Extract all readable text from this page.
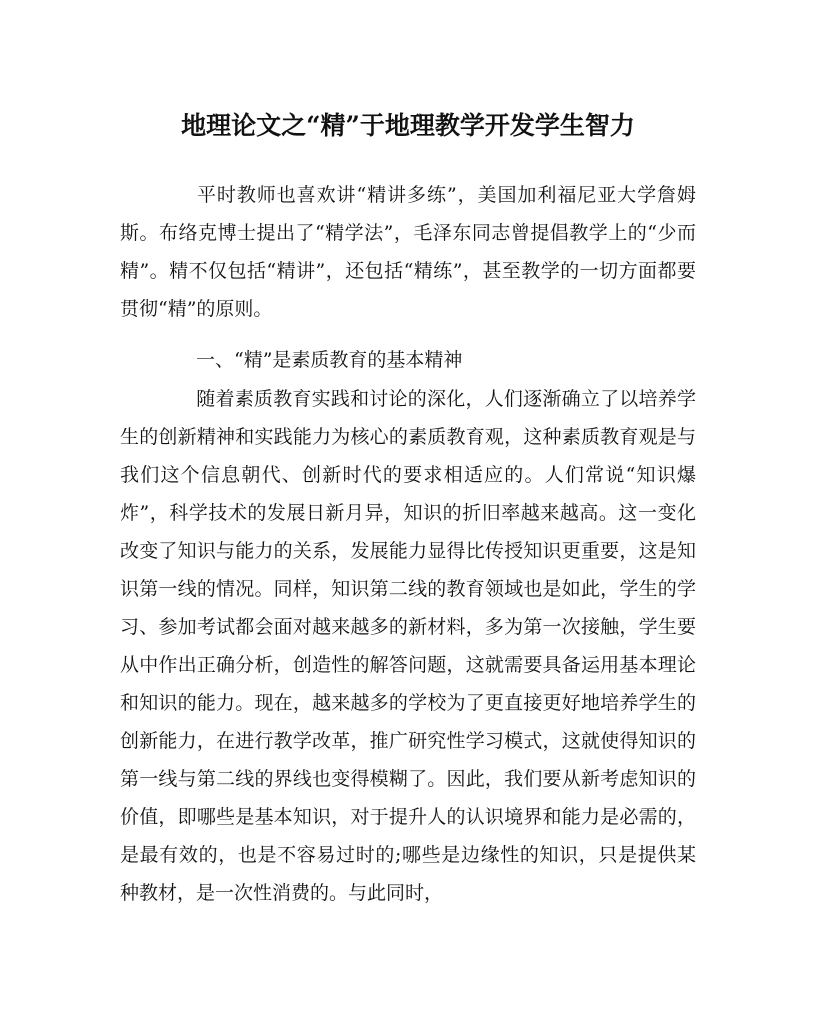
地理论文之“精”于地理教学开发学生智力
平时教师也喜欢讲“精讲多练”，美国加利福尼亚大学詹姆斯。布络克博士提出了“精学法”，毛泽东同志曾提倡教学上的“少而精”。精不仅包括“精讲”，还包括“精练”，甚至教学的一切方面都要贯彻“精”的原则。
一、“精”是素质教育的基本精神
随着素质教育实践和讨论的深化，人们逐渐确立了以培养学生的创新精神和实践能力为核心的素质教育观，这种素质教育观是与我们这个信息朝代、创新时代的要求相适应的。人们常说“知识爆炸”，科学技术的发展日新月异，知识的折旧率越来越高。这一变化改变了知识与能力的关系，发展能力显得比传授知识更重要，这是知识第一线的情况。同样，知识第二线的教育领域也是如此，学生的学习、参加考试都会面对越来越多的新材料，多为第一次接触，学生要从中作出正确分析，创造性的解答问题，这就需要具备运用基本理论和知识的能力。现在，越来越多的学校为了更直接更好地培养学生的创新能力，在进行教学改革，推广研究性学习模式，这就使得知识的第一线与第二线的界线也变得模糊了。因此，我们要从新考虑知识的价值，即哪些是基本知识，对于提升人的认识境界和能力是必需的，是最有效的，也是不容易过时的;哪些是边缘性的知识，只是提供某种教材，是一次性消费的。与此同时，
